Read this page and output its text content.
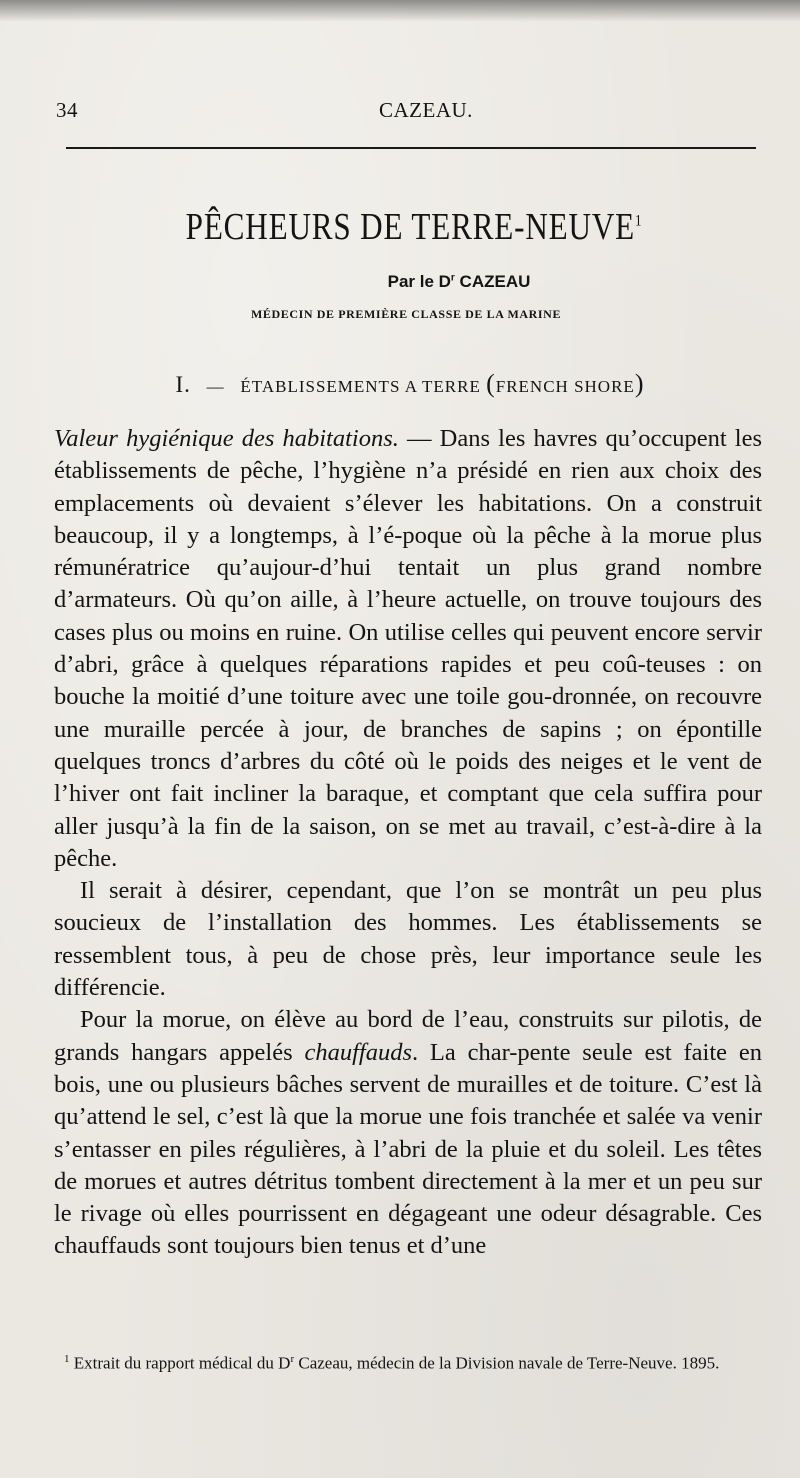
34	CAZEAU.
PÊCHEURS DE TERRE-NEUVE$^1$
Par le $D^r$ CAZEAU
MÉDECIN DE PREMIÈRE CLASSE DE LA MARINE
I. — ÉTABLISSEMENTS A TERRE (FRENCH SHORE)

Valeur hygiénique des habitations. — Dans les havres qu’occupent les établissements de pêche, l’hygiène n’a présidé en rien aux choix des emplacements où devaient s’élever les habitations. On a construit beaucoup, il y a longtemps, à l’é-poque où la pêche à la morue plus rémunératrice qu’aujour-d’hui tentait un plus grand nombre d’armateurs. Où qu’on aille, à l’heure actuelle, on trouve toujours des cases plus ou moins en ruine. On utilise celles qui peuvent encore servir d’abri, grâce à quelques réparations rapides et peu coû-teuses : on bouche la moitié d’une toiture avec une toile gou-dronnée, on recouvre une muraille percée à jour, de branches de sapins ; on épontille quelques troncs d’arbres du côté où le poids des neiges et le vent de l’hiver ont fait incliner la baraque, et comptant que cela suffira pour aller jusqu’à la fin de la saison, on se met au travail, c’est-à-dire à la pêche.

Il serait à désirer, cependant, que l’on se montrât un peu plus soucieux de l’installation des hommes. Les établissements se ressemblent tous, à peu de chose près, leur importance seule les différencie.

Pour la morue, on élève au bord de l’eau, construits sur pilotis, de grands hangars appelés chauffauds. La char-pente seule est faite en bois, une ou plusieurs bâches servent de murailles et de toiture. C’est là qu’attend le sel, c’est là que la morue une fois tranchée et salée va venir s’entasser en piles régulières, à l’abri de la pluie et du soleil. Les têtes de morues et autres détritus tombent directement à la mer et un peu sur le rivage où elles pourrissent en dégageant une odeur désagrable. Ces chauffauds sont toujours bien tenus et d’une

$^1$ Extrait du rapport médical du $D^r$ Cazeau, médecin de la Division navale de Terre-Neuve. 1895.
